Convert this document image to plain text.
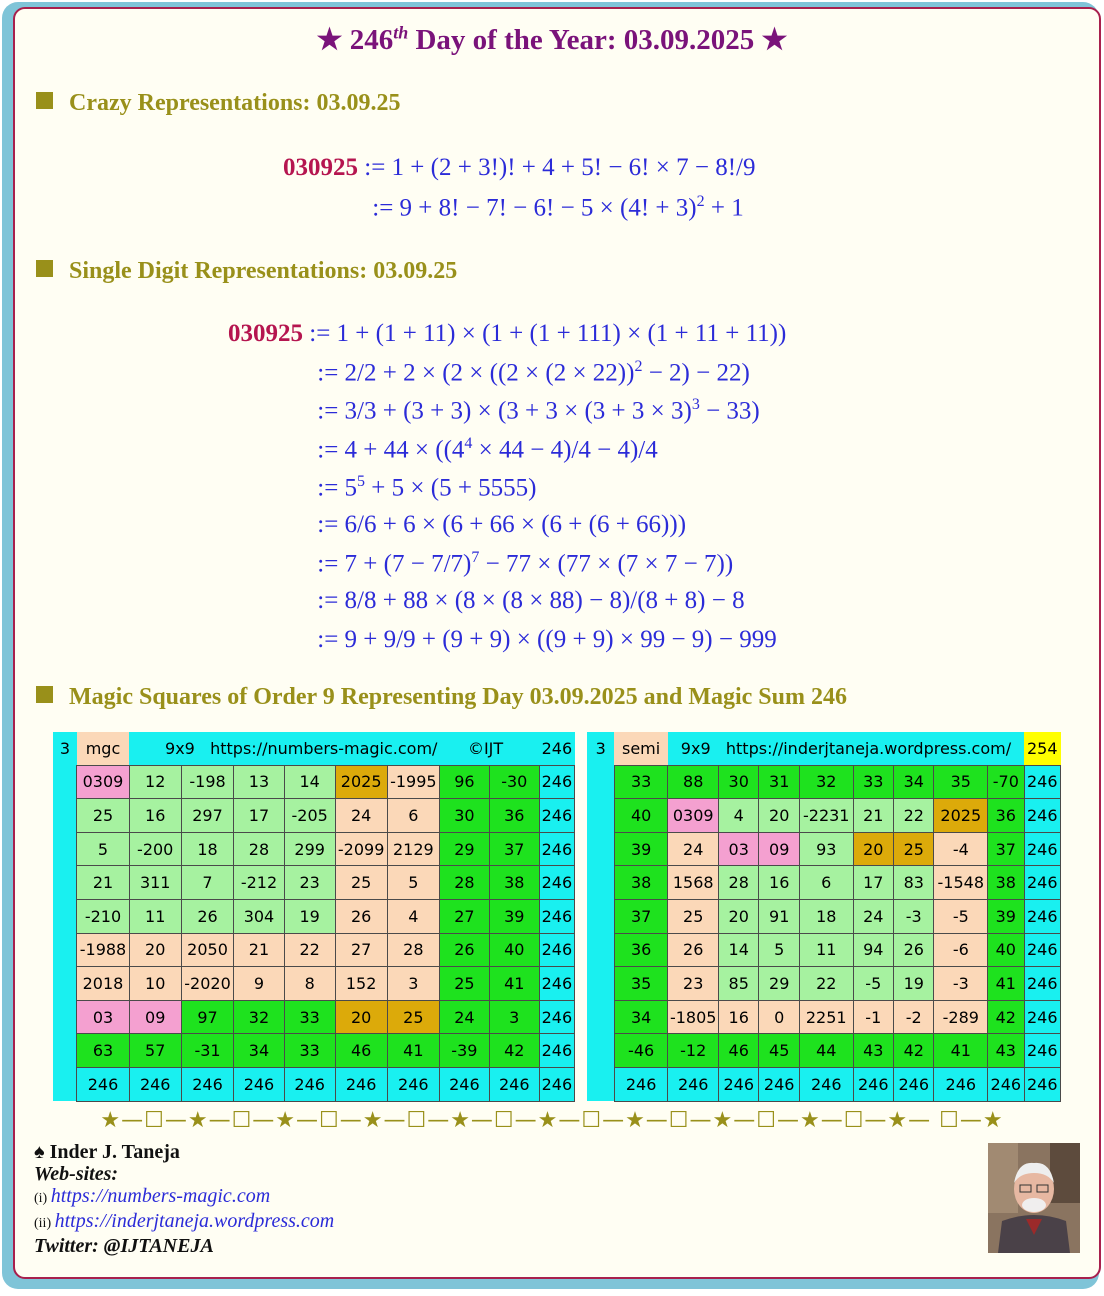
★ 246th Day of the Year: 03.09.2025 ★
Crazy Representations: 03.09.25
030925 := 1 + (2 + 3!)! + 4 + 5! − 6! × 7 − 8!/9
:= 9 + 8! − 7! − 6! − 5 × (4! + 3)$^2$ + 1
Single Digit Representations: 03.09.25
030925 := 1 + (1 + 11) × (1 + (1 + 111) × (1 + 11 + 11))
:= $2/2 + 2 \times (2 \times ((2 \times (2 \times 22))^2 - 2) - 22)$
:= $3/3 + (3 + 3) \times (3 + 3 \times (3 + 3 \times 3)^3 - 33)$
:= $4 + 44 \times ((4^4 \times 44 - 4)/4 - 4)/4$
:= $5^5 + 5 \times (5 + 5555)$
:= 6/6 + 6 × (6 + 66 × (6 + (6 + 66)))
:= $7 + (7 - 7/7)^7 - 77 \times (77 \times (7 \times 7 - 7))$
:= 8/8 + 88 × (8 × (8 × 88) − 8)/(8 + 8) − 8
:= 9 + 9/9 + (9 + 9) × ((9 + 9) × 99 − 9) − 999
Magic Squares of Order 9 Representing Day 03.09.2025 and Magic Sum 246
3	mgc	9x9   https://numbers-magic.com/      ©IJT								246
	0309	12	-198	13	14	2025	-1995	96	-30	246
	25	16	297	17	-205	24	6	30	36	246
	5	-200	18	28	299	-2099	2129	29	37	246
	21	311	7	-212	23	25	5	28	38	246
	-210	11	26	304	19	26	4	27	39	246
	-1988	20	2050	21	22	27	28	26	40	246
	2018	10	-2020	9	8	152	3	25	41	246
	03	09	97	32	33	20	25	24	3	246
	63	57	-31	34	33	46	41	-39	42	246
	246	246	246	246	246	246	246	246	246	246
3	semi	9x9   https://inderjtaneja.wordpress.com/								254
	33	88	30	31	32	33	34	35	-70	246
	40	0309	4	20	-2231	21	22	2025	36	246
	39	24	03	09	93	20	25	-4	37	246
	38	1568	28	16	6	17	83	-1548	38	246
	37	25	20	91	18	24	-3	-5	39	246
	36	26	14	5	11	94	26	-6	40	246
	35	23	85	29	22	-5	19	-3	41	246
	34	-1805	16	0	2251	-1	-2	-289	42	246
	-46	-12	46	45	44	43	42	41	43	246
	246	246	246	246	246	246	246	246	246	246
★—☐—★—☐—★—☐—★—☐—★—☐—★—☐—★—☐—★—☐—★—☐—★— ☐—★
♠ Inder J. Taneja
Web-sites:
(i) https://numbers-magic.com
(ii) https://inderjtaneja.wordpress.com
Twitter: @IJTANEJA
